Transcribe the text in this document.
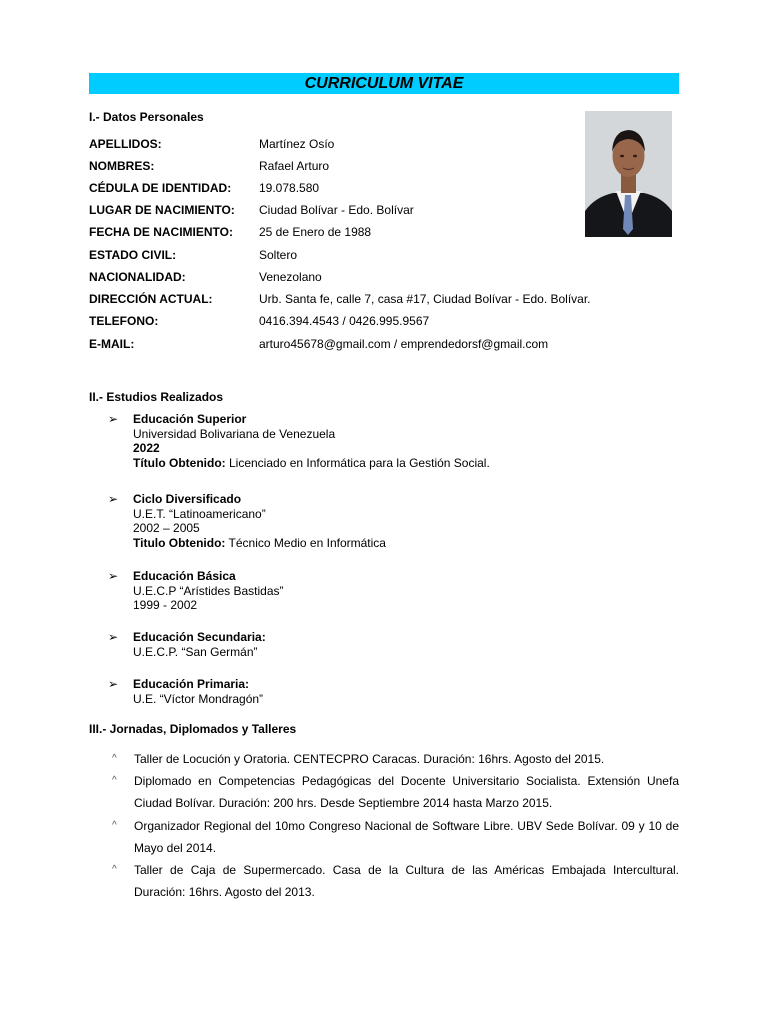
CURRICULUM VITAE
I.- Datos Personales
APELLIDOS:	Martínez Osío
NOMBRES:	Rafael Arturo
CÉDULA DE IDENTIDAD:	19.078.580
LUGAR DE NACIMIENTO:	Ciudad Bolívar - Edo. Bolívar
FECHA DE NACIMIENTO:	25 de Enero de 1988
ESTADO CIVIL:	Soltero
NACIONALIDAD:	Venezolano
DIRECCIÓN ACTUAL:	Urb. Santa fe, calle 7, casa #17, Ciudad Bolívar - Edo. Bolívar.
TELEFONO:	0416.394.4543 / 0426.995.9567
E-MAIL:	arturo45678@gmail.com / emprendedorsf@gmail.com
II.- Estudios Realizados
➢	Educación Superior
Universidad Bolivariana de Venezuela
2022
Título Obtenido: Licenciado en Informática para la Gestión Social.
➢	Ciclo Diversificado
U.E.T. “Latinoamericano”
2002 – 2005
Titulo Obtenido: Técnico Medio en Informática
➢	Educación Básica
U.E.C.P “Arístides Bastidas”
1999 - 2002
➢	Educación Secundaria:
U.E.C.P. “San Germán”
➢	Educación Primaria:
U.E. “Víctor Mondragón”
III.- Jornadas, Diplomados y Talleres
^ Taller de Locución y Oratoria. CENTECPRO Caracas. Duración: 16hrs. Agosto del 2015.
^ Diplomado en Competencias Pedagógicas del Docente Universitario Socialista. Extensión Unefa Ciudad Bolívar. Duración: 200 hrs. Desde Septiembre 2014 hasta Marzo 2015.
^ Organizador Regional del 10mo Congreso Nacional de Software Libre. UBV Sede Bolívar. 09 y 10 de Mayo del 2014.
^ Taller de Caja de Supermercado. Casa de la Cultura de las Américas Embajada Intercultural. Duración: 16hrs. Agosto del 2013.
